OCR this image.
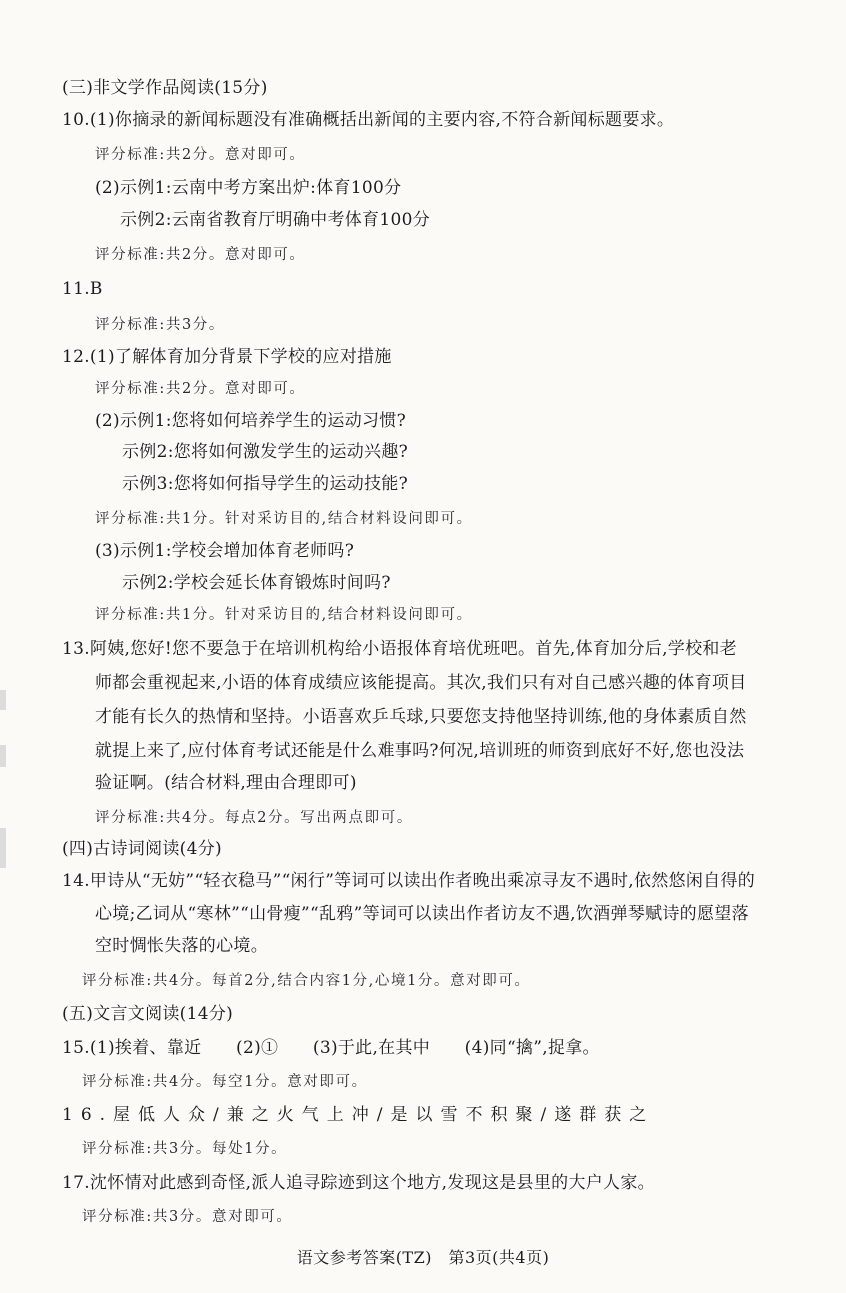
(三)非文学作品阅读(15分)
10.(1)你摘录的新闻标题没有准确概括出新闻的主要内容,不符合新闻标题要求。
评分标准:共2分。意对即可。
(2)示例1:云南中考方案出炉:体育100分
示例2:云南省教育厅明确中考体育100分
评分标准:共2分。意对即可。
11.B
评分标准:共3分。
12.(1)了解体育加分背景下学校的应对措施
评分标准:共2分。意对即可。
(2)示例1:您将如何培养学生的运动习惯?
示例2:您将如何激发学生的运动兴趣?
示例3:您将如何指导学生的运动技能?
评分标准:共1分。针对采访目的,结合材料设问即可。
(3)示例1:学校会增加体育老师吗?
示例2:学校会延长体育锻炼时间吗?
评分标准:共1分。针对采访目的,结合材料设问即可。
13.阿姨,您好!您不要急于在培训机构给小语报体育培优班吧。首先,体育加分后,学校和老
师都会重视起来,小语的体育成绩应该能提高。其次,我们只有对自己感兴趣的体育项目
才能有长久的热情和坚持。小语喜欢乒乓球,只要您支持他坚持训练,他的身体素质自然
就提上来了,应付体育考试还能是什么难事吗?何况,培训班的师资到底好不好,您也没法
验证啊。(结合材料,理由合理即可)
评分标准:共4分。每点2分。写出两点即可。
(四)古诗词阅读(4分)
14.甲诗从“无妨”“轻衣稳马”“闲行”等词可以读出作者晚出乘凉寻友不遇时,依然悠闲自得的
心境;乙词从“寒林”“山骨瘦”“乱鸦”等词可以读出作者访友不遇,饮酒弹琴赋诗的愿望落
空时惆怅失落的心境。
评分标准:共4分。每首2分,结合内容1分,心境1分。意对即可。
(五)文言文阅读(14分)
15.(1)挨着、靠近　　(2)①　　(3)于此,在其中　　(4)同“擒”,捉拿。
评分标准:共4分。每空1分。意对即可。
16.屋低人众/兼之火气上冲/是以雪不积聚/遂群获之
评分标准:共3分。每处1分。
17.沈怀情对此感到奇怪,派人追寻踪迹到这个地方,发现这是县里的大户人家。
评分标准:共3分。意对即可。
语文参考答案(TZ)　第3页(共4页)
